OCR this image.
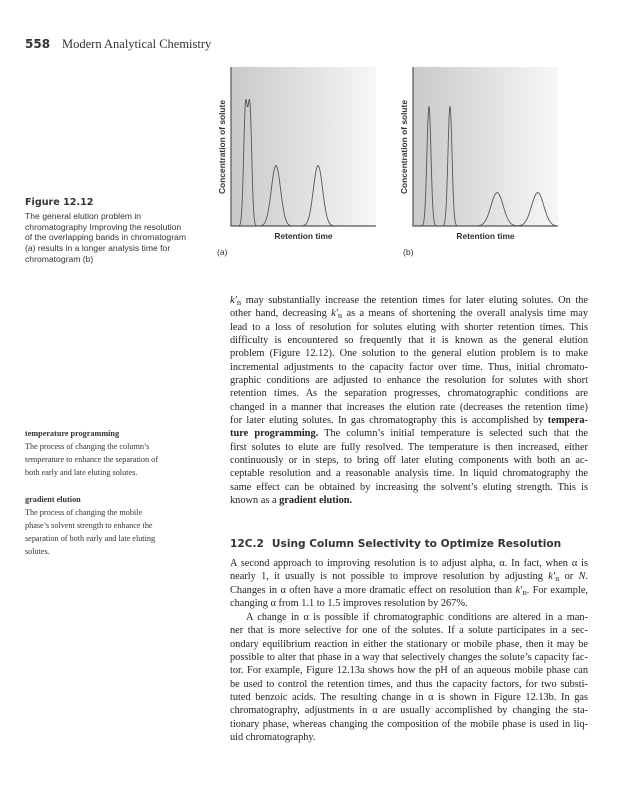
558 Modern Analytical Chemistry
Concentration of solute
Retention time
(a)
Concentration of solute
Retention time
(b)
Figure 12.12
The general elution problem in
chromatography Improving the resolution
of the overlapping bands in chromatogram
(a) results in a longer analysis time for
chromatogram (b)
temperature programming
The process of changing the column’s
temperature to enhance the separation of
both early and late eluting solutes.
gradient elution
The process of changing the mobile
phase’s solvent strength to enhance the
separation of both early and late eluting
solutes.
$k'_B$ may substantially increase the retention times for later eluting solutes. On the
other hand, decreasing $k'_B$ as a means of shortening the overall analysis time may
lead to a loss of resolution for solutes eluting with shorter retention times. This
difficulty is encountered so frequently that it is known as the general elution
problem (Figure 12.12). One solution to the general elution problem is to make
incremental adjustments to the capacity factor over time. Thus, initial chromato-
graphic conditions are adjusted to enhance the resolution for solutes with short
retention times. As the separation progresses, chromatographic conditions are
changed in a manner that increases the elution rate (decreases the retention time)
for later eluting solutes. In gas chromatography this is accomplished by tempera-
ture programming. The column’s initial temperature is selected such that the
first solutes to elute are fully resolved. The temperature is then increased, either
continuously or in steps, to bring off later eluting components with both an ac-
ceptable resolution and a reasonable analysis time. In liquid chromatography the
same effect can be obtained by increasing the solvent’s eluting strength. This is
known as a gradient elution.
12C.2 Using Column Selectivity to Optimize Resolution
A second approach to improving resolution is to adjust alpha, α. In fact, when α is
nearly 1, it usually is not possible to improve resolution by adjusting $k'_B$ or N.
Changes in α often have a more dramatic effect on resolution than $k'_B$. For example,
changing α from 1.1 to 1.5 improves resolution by 267%.
A change in α is possible if chromatographic conditions are altered in a man-
ner that is more selective for one of the solutes. If a solute participates in a sec-
ondary equilibrium reaction in either the stationary or mobile phase, then it may be
possible to alter that phase in a way that selectively changes the solute’s capacity fac-
tor. For example, Figure 12.13a shows how the pH of an aqueous mobile phase can
be used to control the retention times, and thus the capacity factors, for two substi-
tuted benzoic acids. The resulting change in α is shown in Figure 12.13b. In gas
chromatography, adjustments in α are usually accomplished by changing the sta-
tionary phase, whereas changing the composition of the mobile phase is used in liq-
uid chromatography.
